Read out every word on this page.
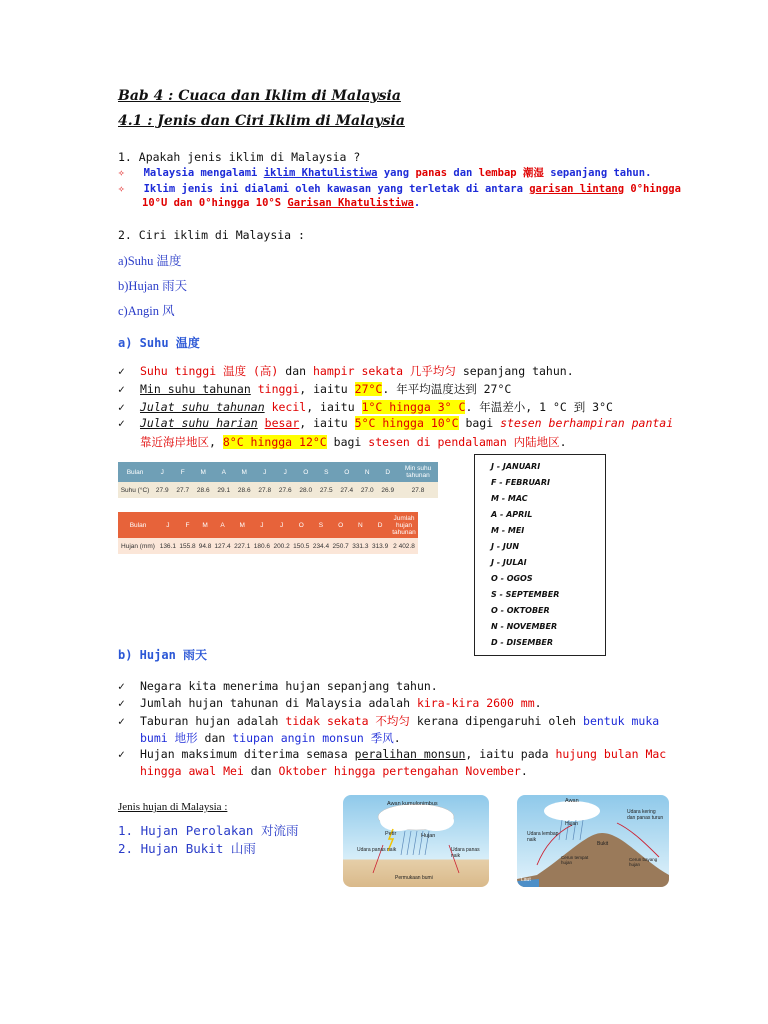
Bab 4 : Cuaca dan Iklim di Malaysia
4.1 : Jenis dan Ciri Iklim di Malaysia
1. Apakah jenis iklim di Malaysia ?
✧ Malaysia mengalami iklim Khatulistiwa yang panas dan lembap 潮湿 sepanjang tahun.
✧ Iklim jenis ini dialami oleh kawasan yang terletak di antara garisan lintang 0°hingga
10°U dan 0°hingga 10°S Garisan Khatulistiwa.
2. Ciri iklim di Malaysia :
a)Suhu 温度
b)Hujan 雨天
c)Angin 风
a) Suhu 温度
✓ Suhu tinggi 温度 (高) dan hampir sekata 几乎均匀 sepanjang tahun.
✓ Min suhu tahunan tinggi, iaitu 27°C. 年平均温度达到 27°C
✓ Julat suhu tahunan kecil, iaitu 1°C hingga 3° C. 年温差小, 1 °C 到 3°C
✓ Julat suhu harian besar, iaitu 5°C hingga 10°C bagi stesen berhampiran pantai
靠近海岸地区, 8°C hingga 12°C bagi stesen di pendalaman 内陆地区.
Bulan	J	F	M	A	M	J	J	O	S	O	N	D	Min suhu tahunan
Suhu (°C)	27.9	27.7	28.6	29.1	28.6	27.8	27.6	28.0	27.5	27.4	27.0	26.9	27.8
Bulan	J	F	M	A	M	J	J	O	S	O	N	D	Jumlah hujan tahunan
Hujan (mm)	136.1	155.8	94.8	127.4	227.1	180.6	200.2	150.5	234.4	250.7	331.3	313.9	2 402.8
J - JANUARI
F - FEBRUARI
M - MAC
A - APRIL
M - MEI
J - JUN
J - JULAI
O - OGOS
S - SEPTEMBER
O - OKTOBER
N - NOVEMBER
D - DISEMBER
b) Hujan 雨天
✓ Negara kita menerima hujan sepanjang tahun.
✓ Jumlah hujan tahunan di Malaysia adalah kira-kira 2600 mm.
✓ Taburan hujan adalah tidak sekata 不均匀 kerana dipengaruhi oleh bentuk muka
bumi 地形 dan tiupan angin monsun 季风.
✓ Hujan maksimum diterima semasa peralihan monsun, iaitu pada hujung bulan Mac
hingga awal Mei dan Oktober hingga pertengahan November.
Jenis hujan di Malaysia :
1. Hujan Perolakan 对流雨
2. Hujan Bukit 山雨
Awan kumulonimbus
Petir	Hujan
Udara panas naik	Udara panas naik
Permukaan bumi
Awan
Hujan
Udara lembap naik
Udara kering dan panas turun
Bukit
Cerun tempat hujan
Cerun bayang hujan
Laut
